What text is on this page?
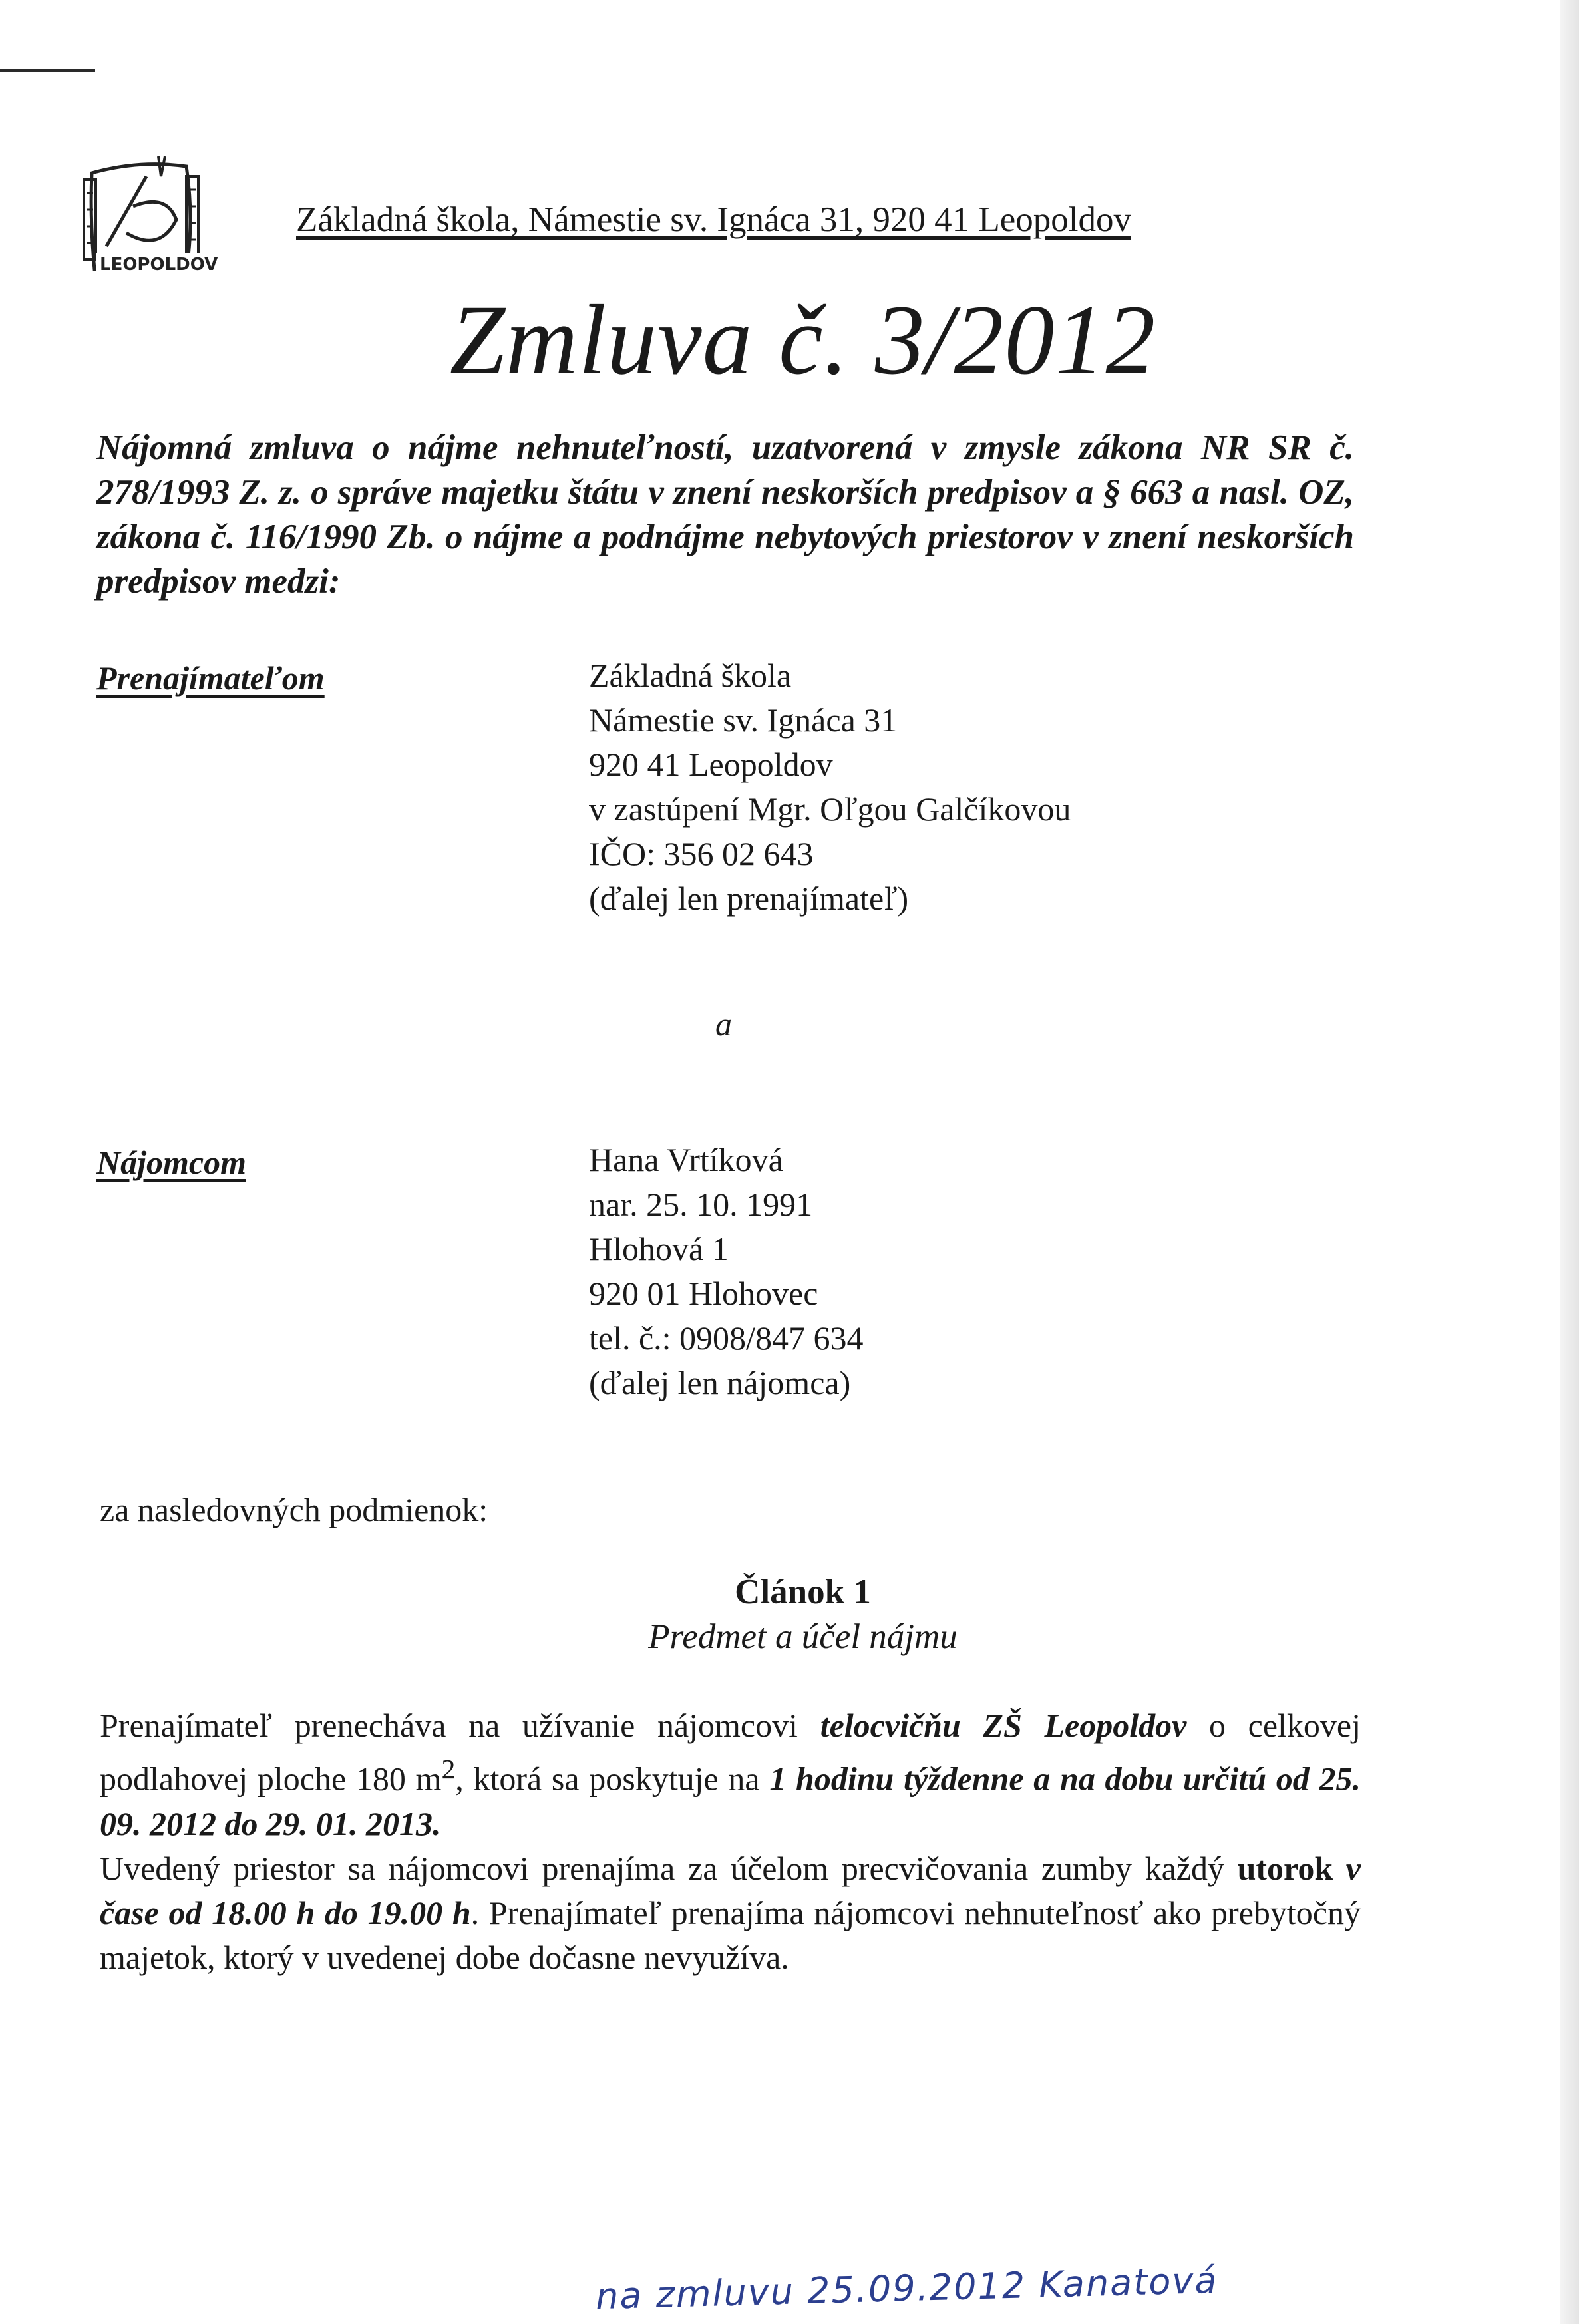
LEOPOLDOV
Základná škola, Námestie sv. Ignáca 31, 920 41 Leopoldov
Zmluva č. 3/2012
Nájomná zmluva o nájme nehnuteľností, uzatvorená v zmysle zákona NR SR č. 278/1993 Z. z. o správe majetku štátu v znení neskorších predpisov a § 663 a nasl. OZ, zákona č. 116/1990 Zb. o nájme a podnájme nebytových priestorov v znení neskorších predpisov medzi:
Prenajímateľom	Základná škola
Námestie sv. Ignáca 31
920 41 Leopoldov
v zastúpení Mgr. Oľgou Galčíkovou
IČO: 356 02 643
(ďalej len prenajímateľ)
a
Nájomcom	Hana Vrtíková
nar. 25. 10. 1991
Hlohová 1
920 01 Hlohovec
tel. č.: 0908/847 634
(ďalej len nájomca)
za nasledovných podmienok:
Článok 1
Predmet a účel nájmu

Prenajímateľ prenecháva na užívanie nájomcovi telocvičňu ZŠ Leopoldov o celkovej podlahovej ploche 180 $m^2$, ktorá sa poskytuje na 1 hodinu týždenne a na dobu určitú od 25. 09. 2012 do 29. 01. 2013.

Uvedený priestor sa nájomcovi prenajíma za účelom precvičovania zumby každý utorok v čase od 18.00 h do 19.00 h. Prenajímateľ prenajíma nájomcovi nehnuteľnosť ako prebytočný majetok, ktorý v uvedenej dobe dočasne nevyužíva.

na zmluvu 25.09.2012 Kanatová
